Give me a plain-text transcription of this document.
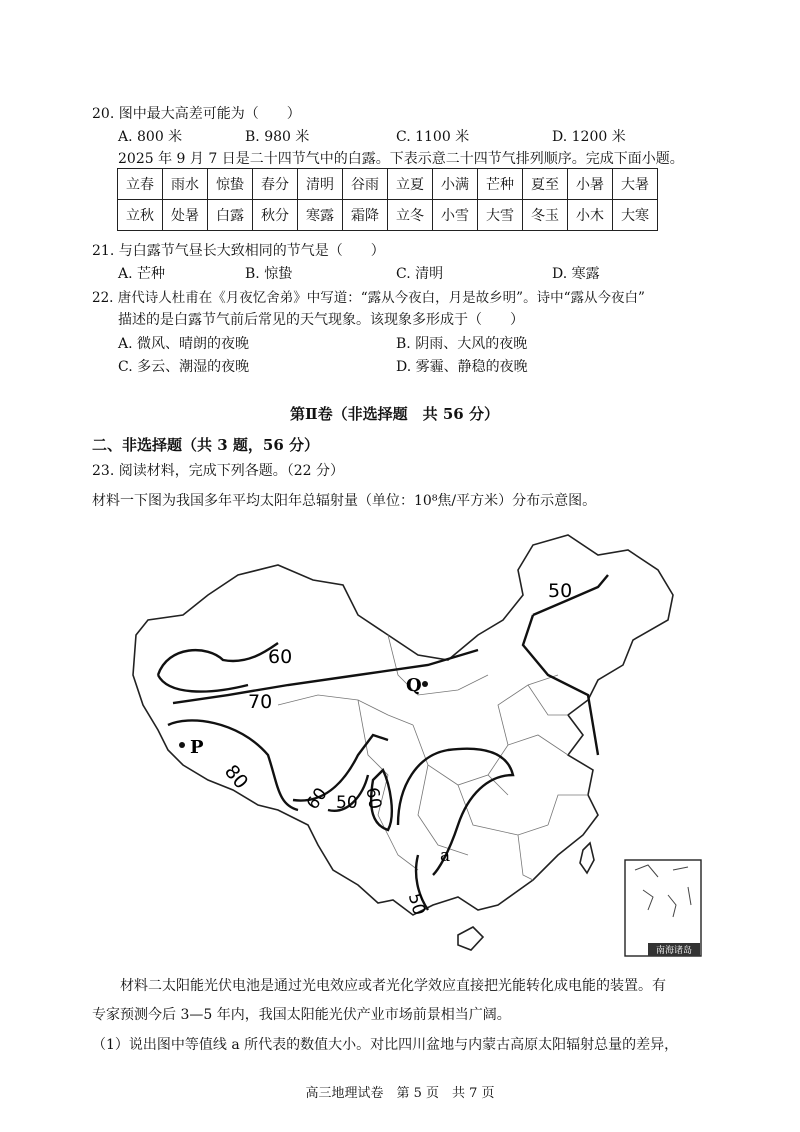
20. 图中最大高差可能为（　　）
A. 800 米	B. 980 米	C. 1100 米	D. 1200 米
2025 年 9 月 7 日是二十四节气中的白露。下表示意二十四节气排列顺序。完成下面小题。
立春	雨水	惊蛰	春分	清明	谷雨	立夏	小满	芒种	夏至	小暑	大暑
立秋	处暑	白露	秋分	寒露	霜降	立冬	小雪	大雪	冬玉	小木	大寒
21. 与白露节气昼长大致相同的节气是（　　）
A. 芒种	B. 惊蛰	C. 清明	D. 寒露
22. 唐代诗人杜甫在《月夜忆舍弟》中写道：“露从今夜白，月是故乡明”。诗中“露从今夜白”
描述的是白露节气前后常见的天气现象。该现象多形成于（　　）
A. 微风、晴朗的夜晚	B. 阴雨、大风的夜晚
C. 多云、潮湿的夜晚	D. 雾霾、静稳的夜晚
第Ⅱ卷（非选择题　共 56 分）
二、非选择题（共 3 题，56 分）
23. 阅读材料，完成下列各题。（22 分）
材料一下图为我国多年平均太阳年总辐射量（单位：10⁸焦/平方米）分布示意图。
50
60
70
80
60 50 60
50
Q
P
a
南海诸岛
　　材料二太阳能光伏电池是通过光电效应或者光化学效应直接把光能转化成电能的装置。有
专家预测今后 3—5 年内，我国太阳能光伏产业市场前景相当广阔。
（1）说出图中等值线 a 所代表的数值大小。对比四川盆地与内蒙古高原太阳辐射总量的差异，
高三地理试卷　第 5 页　共 7 页
